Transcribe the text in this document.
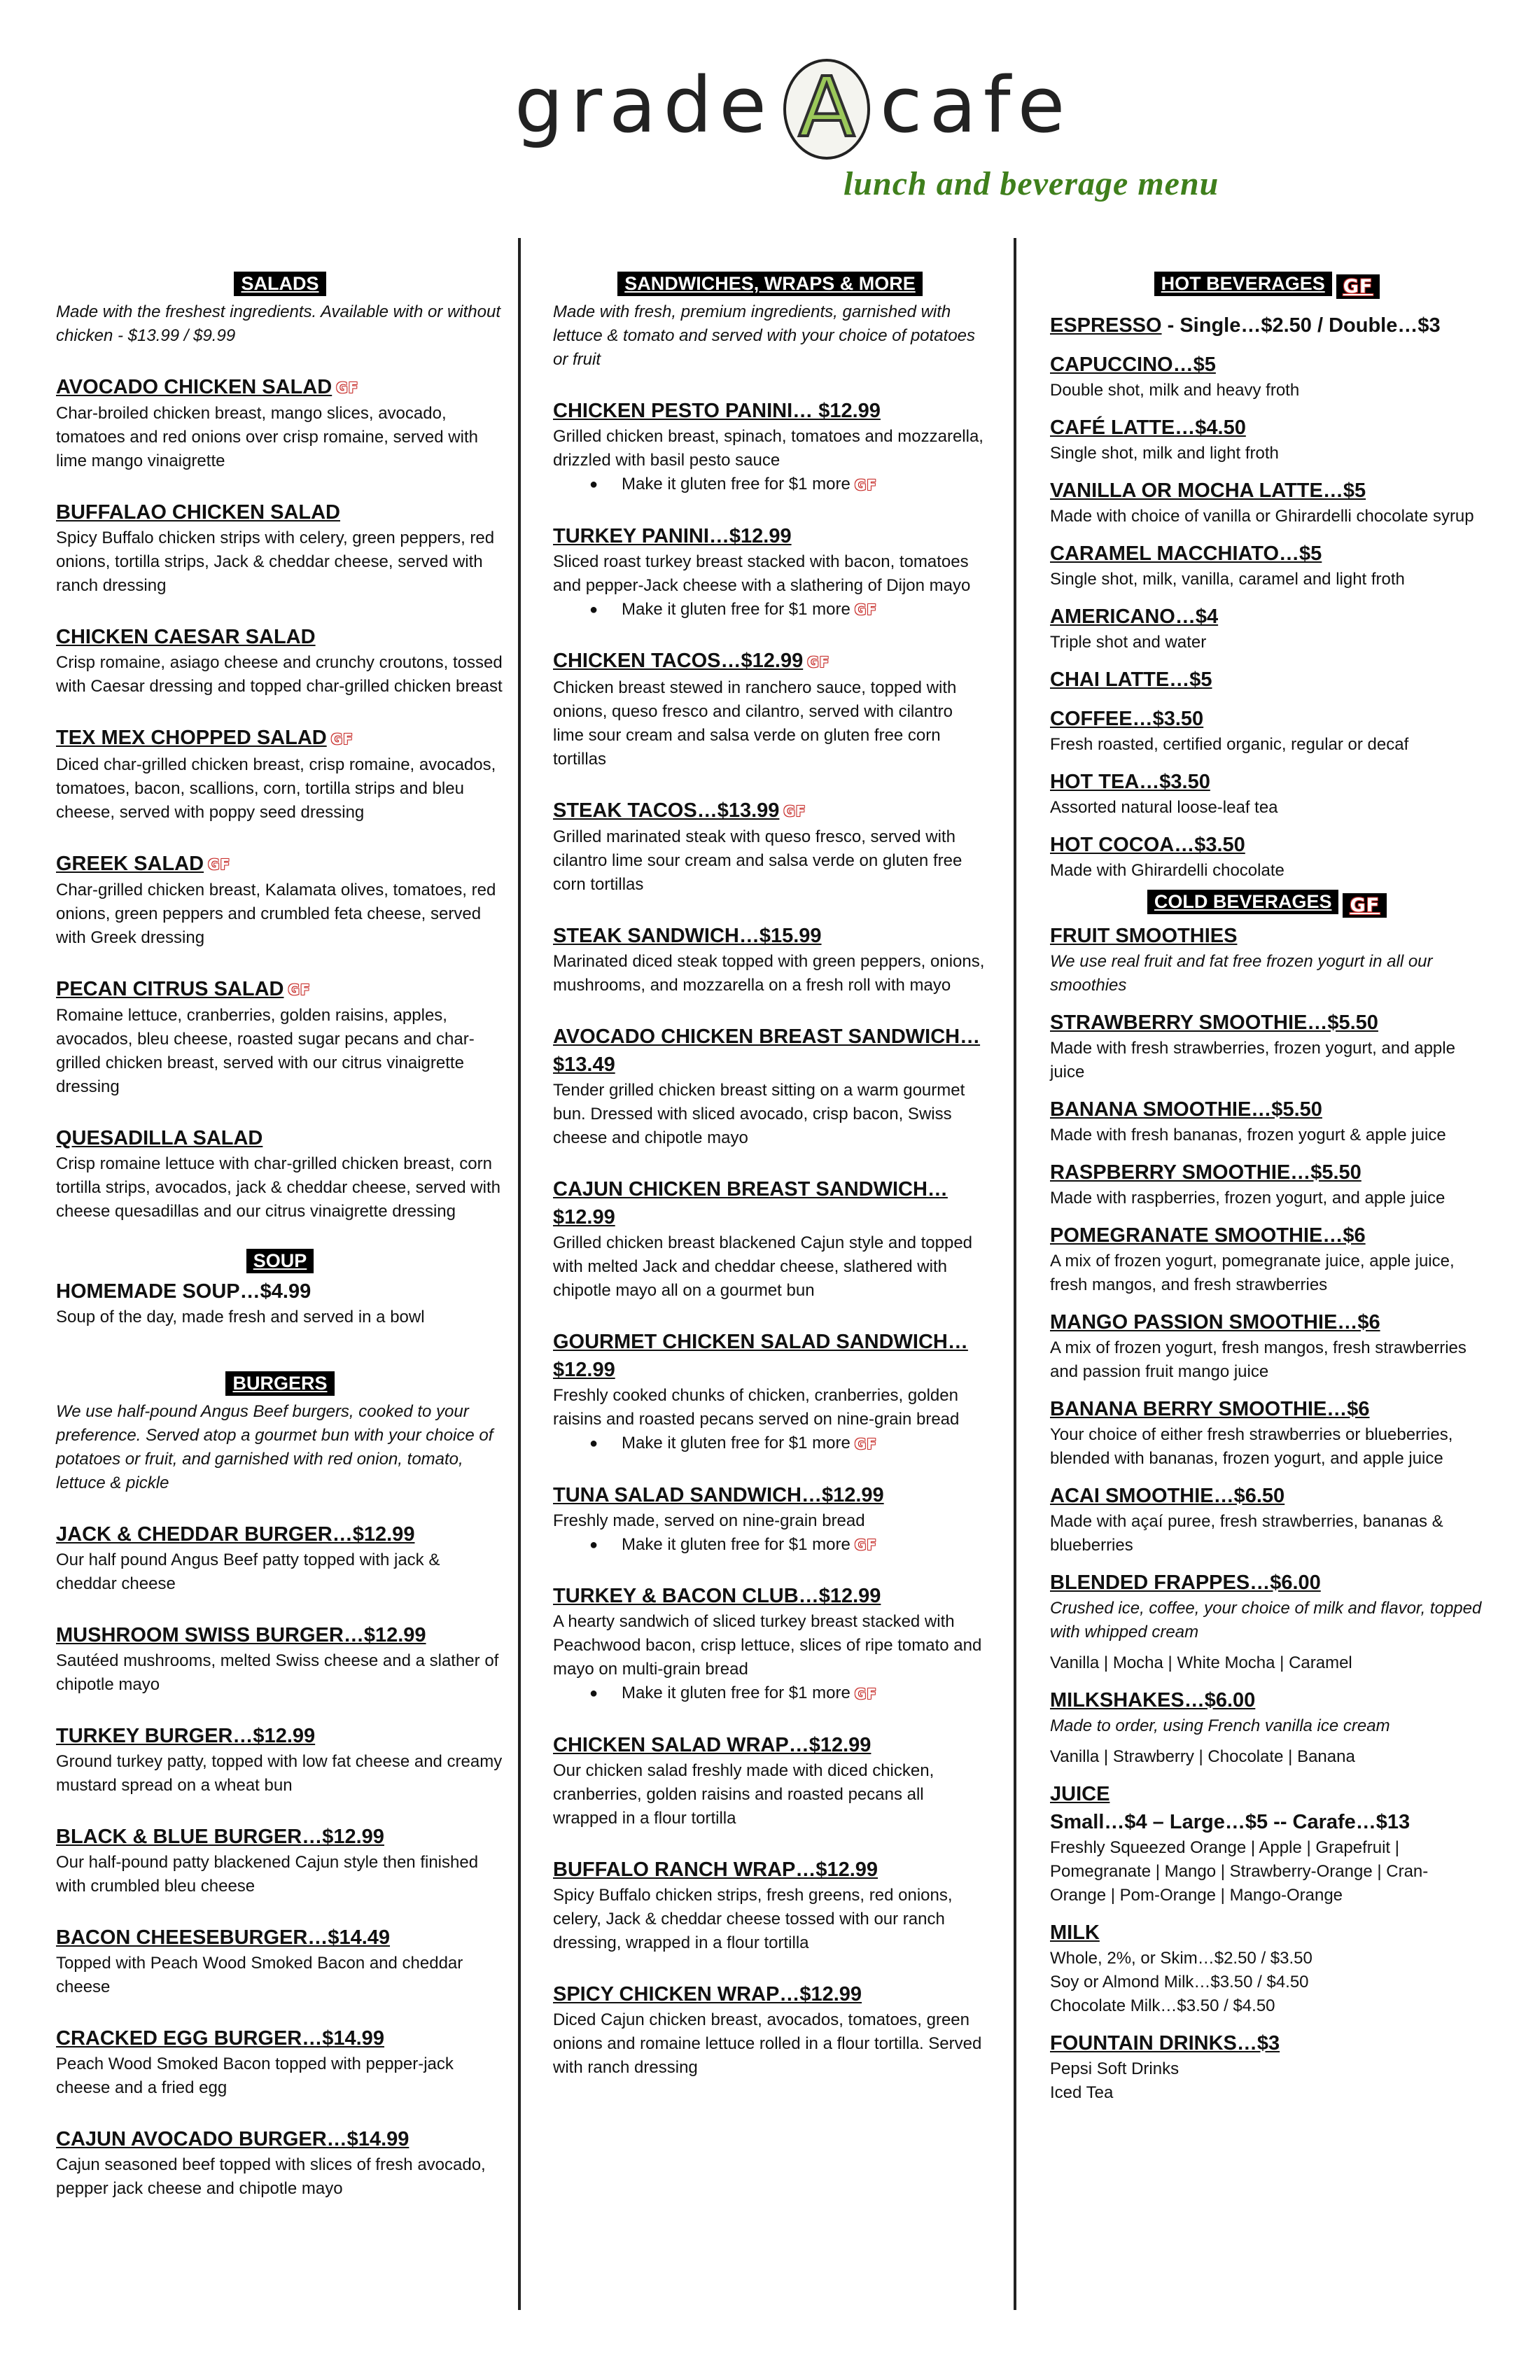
grade A cafe
lunch and beverage menu
SALADS
Made with the freshest ingredients. Available with or without chicken - $13.99 / $9.99
AVOCADO CHICKEN SALAD GF
Char-broiled chicken breast, mango slices, avocado, tomatoes and red onions over crisp romaine, served with lime mango vinaigrette
BUFFALAO CHICKEN SALAD
Spicy Buffalo chicken strips with celery, green peppers, red onions, tortilla strips, Jack & cheddar cheese, served with ranch dressing
CHICKEN CAESAR SALAD
Crisp romaine, asiago cheese and crunchy croutons, tossed with Caesar dressing and topped char-grilled chicken breast
TEX MEX CHOPPED SALAD GF
Diced char-grilled chicken breast, crisp romaine, avocados, tomatoes, bacon, scallions, corn, tortilla strips and bleu cheese, served with poppy seed dressing
GREEK SALAD GF
Char-grilled chicken breast, Kalamata olives, tomatoes, red onions, green peppers and crumbled feta cheese, served with Greek dressing
PECAN CITRUS SALAD GF
Romaine lettuce, cranberries, golden raisins, apples, avocados, bleu cheese, roasted sugar pecans and char-grilled chicken breast, served with our citrus vinaigrette dressing
QUESADILLA SALAD
Crisp romaine lettuce with char-grilled chicken breast, corn tortilla strips, avocados, jack & cheddar cheese, served with cheese quesadillas and our citrus vinaigrette dressing
SOUP
HOMEMADE SOUP…$4.99
Soup of the day, made fresh and served in a bowl
BURGERS
We use half-pound Angus Beef burgers, cooked to your preference. Served atop a gourmet bun with your choice of potatoes or fruit, and garnished with red onion, tomato, lettuce & pickle
JACK & CHEDDAR BURGER…$12.99
Our half pound Angus Beef patty topped with jack & cheddar cheese
MUSHROOM SWISS BURGER…$12.99
Sautéed mushrooms, melted Swiss cheese and a slather of chipotle mayo
TURKEY BURGER…$12.99
Ground turkey patty, topped with low fat cheese and creamy mustard spread on a wheat bun
BLACK & BLUE BURGER…$12.99
Our half-pound patty blackened Cajun style then finished with crumbled bleu cheese
BACON CHEESEBURGER…$14.49
Topped with Peach Wood Smoked Bacon and cheddar cheese
CRACKED EGG BURGER…$14.99
Peach Wood Smoked Bacon topped with pepper-jack cheese and a fried egg
CAJUN AVOCADO BURGER…$14.99
Cajun seasoned beef topped with slices of fresh avocado, pepper jack cheese and chipotle mayo
SANDWICHES, WRAPS & MORE
Made with fresh, premium ingredients, garnished with lettuce & tomato and served with your choice of potatoes or fruit
CHICKEN PESTO PANINI… $12.99
Grilled chicken breast, spinach, tomatoes and mozzarella, drizzled with basil pesto sauce
● Make it gluten free for $1 more GF
TURKEY PANINI…$12.99
Sliced roast turkey breast stacked with bacon, tomatoes and pepper-Jack cheese with a slathering of Dijon mayo
● Make it gluten free for $1 more GF
CHICKEN TACOS…$12.99 GF
Chicken breast stewed in ranchero sauce, topped with onions, queso fresco and cilantro, served with cilantro lime sour cream and salsa verde on gluten free corn tortillas
STEAK TACOS…$13.99 GF
Grilled marinated steak with queso fresco, served with cilantro lime sour cream and salsa verde on gluten free corn tortillas
STEAK SANDWICH…$15.99
Marinated diced steak topped with green peppers, onions, mushrooms, and mozzarella on a fresh roll with mayo
AVOCADO CHICKEN BREAST SANDWICH…$13.49
Tender grilled chicken breast sitting on a warm gourmet bun. Dressed with sliced avocado, crisp bacon, Swiss cheese and chipotle mayo
CAJUN CHICKEN BREAST SANDWICH…$12.99
Grilled chicken breast blackened Cajun style and topped with melted Jack and cheddar cheese, slathered with chipotle mayo all on a gourmet bun
GOURMET CHICKEN SALAD SANDWICH…$12.99
Freshly cooked chunks of chicken, cranberries, golden raisins and roasted pecans served on nine-grain bread
● Make it gluten free for $1 more GF
TUNA SALAD SANDWICH…$12.99
Freshly made, served on nine-grain bread
● Make it gluten free for $1 more GF
TURKEY & BACON CLUB…$12.99
A hearty sandwich of sliced turkey breast stacked with Peachwood bacon, crisp lettuce, slices of ripe tomato and mayo on multi-grain bread
● Make it gluten free for $1 more GF
CHICKEN SALAD WRAP…$12.99
Our chicken salad freshly made with diced chicken, cranberries, golden raisins and roasted pecans all wrapped in a flour tortilla
BUFFALO RANCH WRAP…$12.99
Spicy Buffalo chicken strips, fresh greens, red onions, celery, Jack & cheddar cheese tossed with our ranch dressing, wrapped in a flour tortilla
SPICY CHICKEN WRAP…$12.99
Diced Cajun chicken breast, avocados, tomatoes, green onions and romaine lettuce rolled in a flour tortilla. Served with ranch dressing
HOT BEVERAGES GF
ESPRESSO - Single…$2.50 / Double…$3
CAPUCCINO…$5
Double shot, milk and heavy froth
CAFÉ LATTE…$4.50
Single shot, milk and light froth
VANILLA OR MOCHA LATTE…$5
Made with choice of vanilla or Ghirardelli chocolate syrup
CARAMEL MACCHIATO…$5
Single shot, milk, vanilla, caramel and light froth
AMERICANO…$4
Triple shot and water
CHAI LATTE…$5
COFFEE…$3.50
Fresh roasted, certified organic, regular or decaf
HOT TEA…$3.50
Assorted natural loose-leaf tea
HOT COCOA…$3.50
Made with Ghirardelli chocolate
COLD BEVERAGES GF
FRUIT SMOOTHIES
We use real fruit and fat free frozen yogurt in all our smoothies
STRAWBERRY SMOOTHIE…$5.50
Made with fresh strawberries, frozen yogurt, and apple juice
BANANA SMOOTHIE…$5.50
Made with fresh bananas, frozen yogurt & apple juice
RASPBERRY SMOOTHIE…$5.50
Made with raspberries, frozen yogurt, and apple juice
POMEGRANATE SMOOTHIE…$6
A mix of frozen yogurt, pomegranate juice, apple juice, fresh mangos, and fresh strawberries
MANGO PASSION SMOOTHIE…$6
A mix of frozen yogurt, fresh mangos, fresh strawberries and passion fruit mango juice
BANANA BERRY SMOOTHIE…$6
Your choice of either fresh strawberries or blueberries, blended with bananas, frozen yogurt, and apple juice
ACAI SMOOTHIE…$6.50
Made with açaí puree, fresh strawberries, bananas & blueberries
BLENDED FRAPPES…$6.00
Crushed ice, coffee, your choice of milk and flavor, topped with whipped cream
Vanilla | Mocha | White Mocha | Caramel
MILKSHAKES…$6.00
Made to order, using French vanilla ice cream
Vanilla | Strawberry | Chocolate | Banana
JUICE
Small…$4 – Large…$5 -- Carafe…$13
Freshly Squeezed Orange | Apple | Grapefruit | Pomegranate | Mango | Strawberry-Orange | Cran-Orange | Pom-Orange | Mango-Orange
MILK
Whole, 2%, or Skim…$2.50 / $3.50
Soy or Almond Milk…$3.50 / $4.50
Chocolate Milk…$3.50 / $4.50
FOUNTAIN DRINKS…$3
Pepsi Soft Drinks
Iced Tea
